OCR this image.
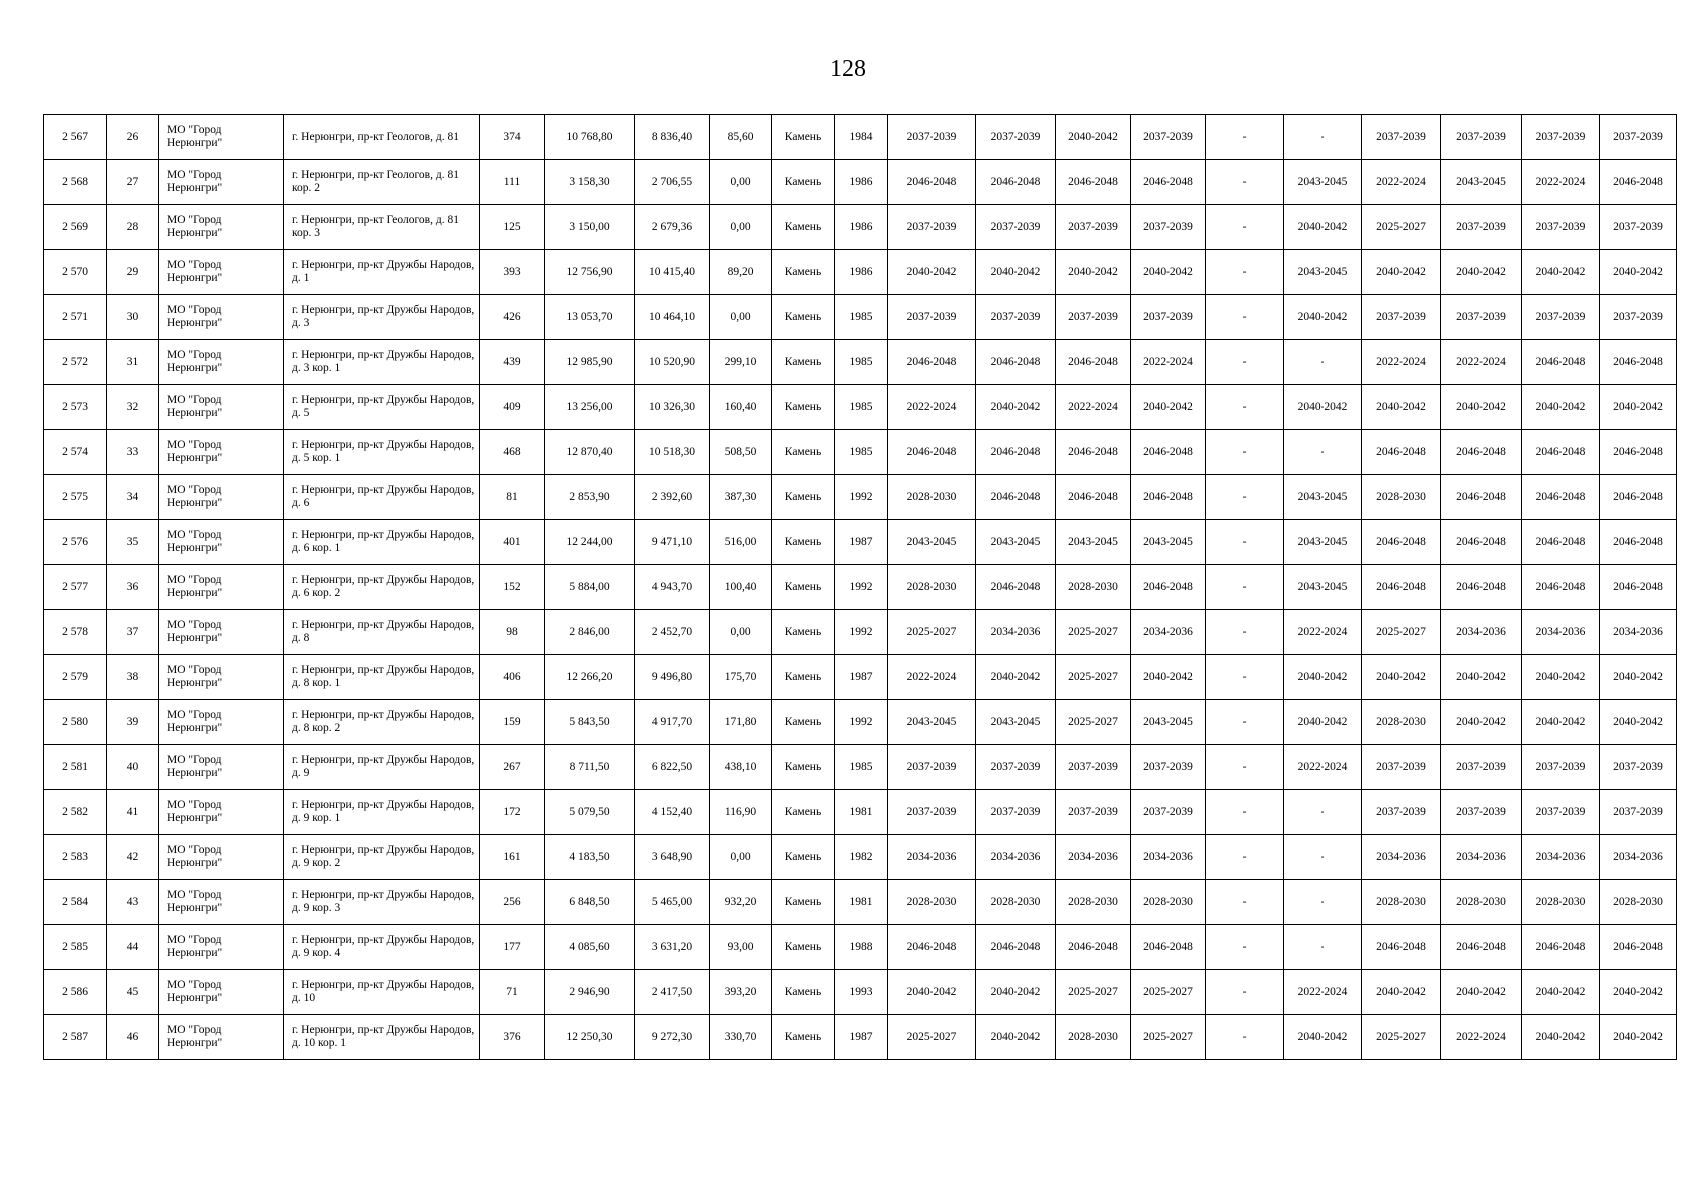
128
2 567	26	МО "Город Нерюнгри"	г. Нерюнгри, пр-кт Геологов, д. 81	374	10 768,80	8 836,40	85,60	Камень	1984	2037-2039	2037-2039	2040-2042	2037-2039	-	-	2037-2039	2037-2039	2037-2039	2037-2039
2 568	27	МО "Город Нерюнгри"	г. Нерюнгри, пр-кт Геологов, д. 81 кор. 2	111	3 158,30	2 706,55	0,00	Камень	1986	2046-2048	2046-2048	2046-2048	2046-2048	-	2043-2045	2022-2024	2043-2045	2022-2024	2046-2048
2 569	28	МО "Город Нерюнгри"	г. Нерюнгри, пр-кт Геологов, д. 81 кор. 3	125	3 150,00	2 679,36	0,00	Камень	1986	2037-2039	2037-2039	2037-2039	2037-2039	-	2040-2042	2025-2027	2037-2039	2037-2039	2037-2039
2 570	29	МО "Город Нерюнгри"	г. Нерюнгри, пр-кт Дружбы Народов, д. 1	393	12 756,90	10 415,40	89,20	Камень	1986	2040-2042	2040-2042	2040-2042	2040-2042	-	2043-2045	2040-2042	2040-2042	2040-2042	2040-2042
2 571	30	МО "Город Нерюнгри"	г. Нерюнгри, пр-кт Дружбы Народов, д. 3	426	13 053,70	10 464,10	0,00	Камень	1985	2037-2039	2037-2039	2037-2039	2037-2039	-	2040-2042	2037-2039	2037-2039	2037-2039	2037-2039
2 572	31	МО "Город Нерюнгри"	г. Нерюнгри, пр-кт Дружбы Народов, д. 3 кор. 1	439	12 985,90	10 520,90	299,10	Камень	1985	2046-2048	2046-2048	2046-2048	2022-2024	-	-	2022-2024	2022-2024	2046-2048	2046-2048
2 573	32	МО "Город Нерюнгри"	г. Нерюнгри, пр-кт Дружбы Народов, д. 5	409	13 256,00	10 326,30	160,40	Камень	1985	2022-2024	2040-2042	2022-2024	2040-2042	-	2040-2042	2040-2042	2040-2042	2040-2042	2040-2042
2 574	33	МО "Город Нерюнгри"	г. Нерюнгри, пр-кт Дружбы Народов, д. 5 кор. 1	468	12 870,40	10 518,30	508,50	Камень	1985	2046-2048	2046-2048	2046-2048	2046-2048	-	-	2046-2048	2046-2048	2046-2048	2046-2048
2 575	34	МО "Город Нерюнгри"	г. Нерюнгри, пр-кт Дружбы Народов, д. 6	81	2 853,90	2 392,60	387,30	Камень	1992	2028-2030	2046-2048	2046-2048	2046-2048	-	2043-2045	2028-2030	2046-2048	2046-2048	2046-2048
2 576	35	МО "Город Нерюнгри"	г. Нерюнгри, пр-кт Дружбы Народов, д. 6 кор. 1	401	12 244,00	9 471,10	516,00	Камень	1987	2043-2045	2043-2045	2043-2045	2043-2045	-	2043-2045	2046-2048	2046-2048	2046-2048	2046-2048
2 577	36	МО "Город Нерюнгри"	г. Нерюнгри, пр-кт Дружбы Народов, д. 6 кор. 2	152	5 884,00	4 943,70	100,40	Камень	1992	2028-2030	2046-2048	2028-2030	2046-2048	-	2043-2045	2046-2048	2046-2048	2046-2048	2046-2048
2 578	37	МО "Город Нерюнгри"	г. Нерюнгри, пр-кт Дружбы Народов, д. 8	98	2 846,00	2 452,70	0,00	Камень	1992	2025-2027	2034-2036	2025-2027	2034-2036	-	2022-2024	2025-2027	2034-2036	2034-2036	2034-2036
2 579	38	МО "Город Нерюнгри"	г. Нерюнгри, пр-кт Дружбы Народов, д. 8 кор. 1	406	12 266,20	9 496,80	175,70	Камень	1987	2022-2024	2040-2042	2025-2027	2040-2042	-	2040-2042	2040-2042	2040-2042	2040-2042	2040-2042
2 580	39	МО "Город Нерюнгри"	г. Нерюнгри, пр-кт Дружбы Народов, д. 8 кор. 2	159	5 843,50	4 917,70	171,80	Камень	1992	2043-2045	2043-2045	2025-2027	2043-2045	-	2040-2042	2028-2030	2040-2042	2040-2042	2040-2042
2 581	40	МО "Город Нерюнгри"	г. Нерюнгри, пр-кт Дружбы Народов, д. 9	267	8 711,50	6 822,50	438,10	Камень	1985	2037-2039	2037-2039	2037-2039	2037-2039	-	2022-2024	2037-2039	2037-2039	2037-2039	2037-2039
2 582	41	МО "Город Нерюнгри"	г. Нерюнгри, пр-кт Дружбы Народов, д. 9 кор. 1	172	5 079,50	4 152,40	116,90	Камень	1981	2037-2039	2037-2039	2037-2039	2037-2039	-	-	2037-2039	2037-2039	2037-2039	2037-2039
2 583	42	МО "Город Нерюнгри"	г. Нерюнгри, пр-кт Дружбы Народов, д. 9 кор. 2	161	4 183,50	3 648,90	0,00	Камень	1982	2034-2036	2034-2036	2034-2036	2034-2036	-	-	2034-2036	2034-2036	2034-2036	2034-2036
2 584	43	МО "Город Нерюнгри"	г. Нерюнгри, пр-кт Дружбы Народов, д. 9 кор. 3	256	6 848,50	5 465,00	932,20	Камень	1981	2028-2030	2028-2030	2028-2030	2028-2030	-	-	2028-2030	2028-2030	2028-2030	2028-2030
2 585	44	МО "Город Нерюнгри"	г. Нерюнгри, пр-кт Дружбы Народов, д. 9 кор. 4	177	4 085,60	3 631,20	93,00	Камень	1988	2046-2048	2046-2048	2046-2048	2046-2048	-	-	2046-2048	2046-2048	2046-2048	2046-2048
2 586	45	МО "Город Нерюнгри"	г. Нерюнгри, пр-кт Дружбы Народов, д. 10	71	2 946,90	2 417,50	393,20	Камень	1993	2040-2042	2040-2042	2025-2027	2025-2027	-	2022-2024	2040-2042	2040-2042	2040-2042	2040-2042
2 587	46	МО "Город Нерюнгри"	г. Нерюнгри, пр-кт Дружбы Народов, д. 10 кор. 1	376	12 250,30	9 272,30	330,70	Камень	1987	2025-2027	2040-2042	2028-2030	2025-2027	-	2040-2042	2025-2027	2022-2024	2040-2042	2040-2042
